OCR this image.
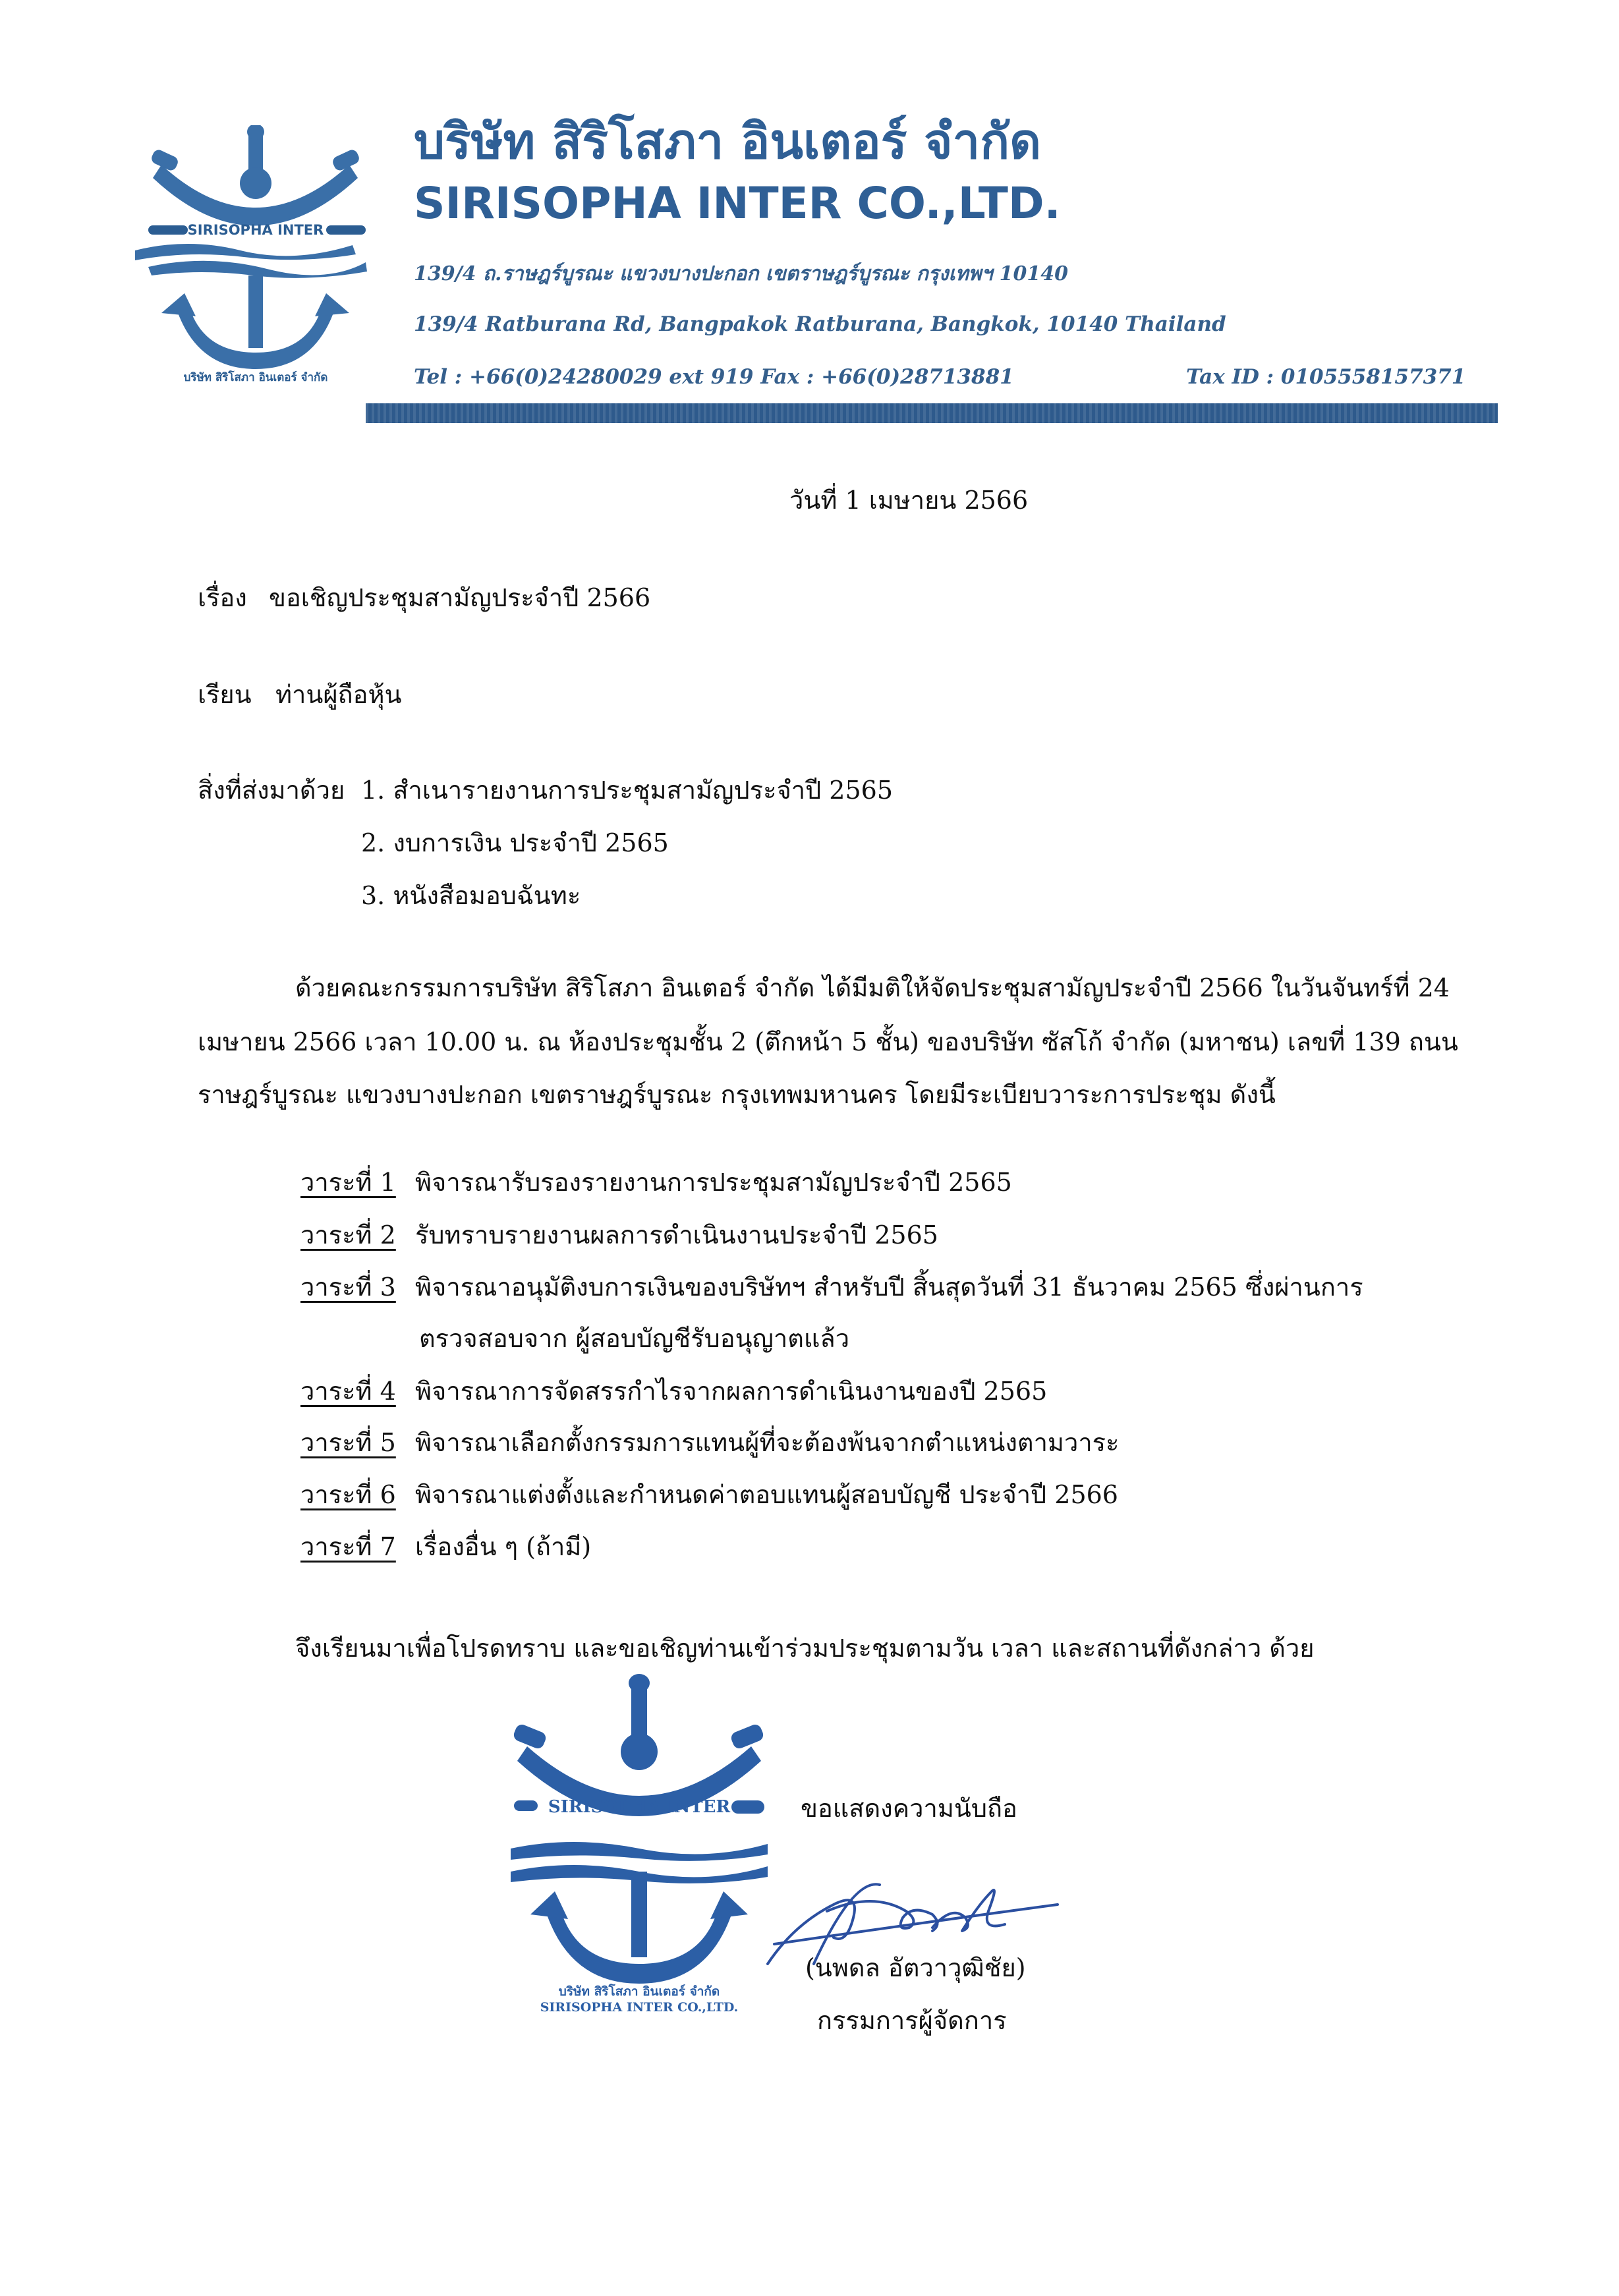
SIRISOPHA INTER
บริษัท สิริโสภา อินเตอร์ จำกัด
บริษัท สิริโสภา อินเตอร์ จำกัด
SIRISOPHA INTER CO.,LTD.
139/4 ถ.ราษฎร์บูรณะ แขวงบางปะกอก เขตราษฎร์บูรณะ กรุงเทพฯ 10140
139/4 Ratburana Rd, Bangpakok Ratburana, Bangkok, 10140 Thailand
Tel : +66(0)24280029 ext 919 Fax : +66(0)28713881	Tax ID : 0105558157371
วันที่ 1 เมษายน 2566
เรื่อง ขอเชิญประชุมสามัญประจำปี 2566
เรียน ท่านผู้ถือหุ้น
สิ่งที่ส่งมาด้วย 1. สำเนารายงานการประชุมสามัญประจำปี 2565
2. งบการเงิน ประจำปี 2565
3. หนังสือมอบฉันทะ
ด้วยคณะกรรมการบริษัท สิริโสภา อินเตอร์ จำกัด ได้มีมติให้จัดประชุมสามัญประจำปี 2566 ในวันจันทร์ที่ 24
เมษายน 2566 เวลา 10.00 น. ณ ห้องประชุมชั้น 2 (ตึกหน้า 5 ชั้น) ของบริษัท ซัสโก้ จำกัด (มหาชน) เลขที่ 139 ถนน
ราษฎร์บูรณะ แขวงบางปะกอก เขตราษฎร์บูรณะ กรุงเทพมหานคร โดยมีระเบียบวาระการประชุม ดังนี้
วาระที่ 1 พิจารณารับรองรายงานการประชุมสามัญประจำปี 2565
วาระที่ 2 รับทราบรายงานผลการดำเนินงานประจำปี 2565
วาระที่ 3 พิจารณาอนุมัติงบการเงินของบริษัทฯ สำหรับปี สิ้นสุดวันที่ 31 ธันวาคม 2565 ซึ่งผ่านการ
ตรวจสอบจาก ผู้สอบบัญชีรับอนุญาตแล้ว
วาระที่ 4 พิจารณาการจัดสรรกำไรจากผลการดำเนินงานของปี 2565
วาระที่ 5 พิจารณาเลือกตั้งกรรมการแทนผู้ที่จะต้องพ้นจากตำแหน่งตามวาระ
วาระที่ 6 พิจารณาแต่งตั้งและกำหนดค่าตอบแทนผู้สอบบัญชี ประจำปี 2566
วาระที่ 7 เรื่องอื่น ๆ (ถ้ามี)
จึงเรียนมาเพื่อโปรดทราบ และขอเชิญท่านเข้าร่วมประชุมตามวัน เวลา และสถานที่ดังกล่าว ด้วย
SIRISOPHA INTER
บริษัท สิริโสภา อินเตอร์ จำกัด
SIRISOPHA INTER CO.,LTD.
ขอแสดงความนับถือ
(นพดล อัตวาวุฒิชัย)
กรรมการผู้จัดการ
